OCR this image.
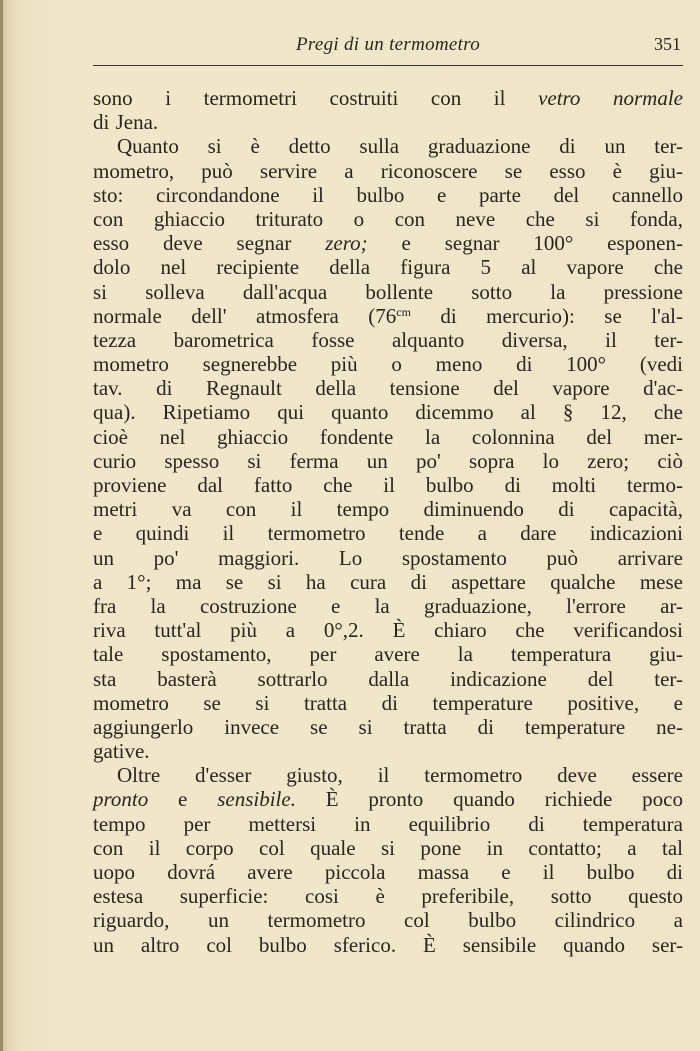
Pregi di un termometro	351
sono i termometri costruiti con il vetro normale
di Jena.
Quanto si è detto sulla graduazione di un ter-
mometro, può servire a riconoscere se esso è giu-
sto: circondandone il bulbo e parte del cannello
con ghiaccio triturato o con neve che si fonda,
esso deve segnar zero; e segnar 100° esponen-
dolo nel recipiente della figura 5 al vapore che
si solleva dall'acqua bollente sotto la pressione
normale dell' atmosfera ($76^{cm}$ di mercurio): se l'al-
tezza barometrica fosse alquanto diversa, il ter-
mometro segnerebbe più o meno di 100° (vedi
tav. di Regnault della tensione del vapore d'ac-
qua). Ripetiamo qui quanto dicemmo al § 12, che
cioè nel ghiaccio fondente la colonnina del mer-
curio spesso si ferma un po' sopra lo zero; ciò
proviene dal fatto che il bulbo di molti termo-
metri va con il tempo diminuendo di capacità,
e quindi il termometro tende a dare indicazioni
un po' maggiori. Lo spostamento può arrivare
a 1°; ma se si ha cura di aspettare qualche mese
fra la costruzione e la graduazione, l'errore ar-
riva tutt'al più a 0°,2. È chiaro che verificandosi
tale spostamento, per avere la temperatura giu-
sta basterà sottrarlo dalla indicazione del ter-
mometro se si tratta di temperature positive, e
aggiungerlo invece se si tratta di temperature ne-
gative.
Oltre d'esser giusto, il termometro deve essere
pronto e sensibile. È pronto quando richiede poco
tempo per mettersi in equilibrio di temperatura
con il corpo col quale si pone in contatto; a tal
uopo dovrá avere piccola massa e il bulbo di
estesa superficie: cosi è preferibile, sotto questo
riguardo, un termometro col bulbo cilindrico a
un altro col bulbo sferico. È sensibile quando ser-
